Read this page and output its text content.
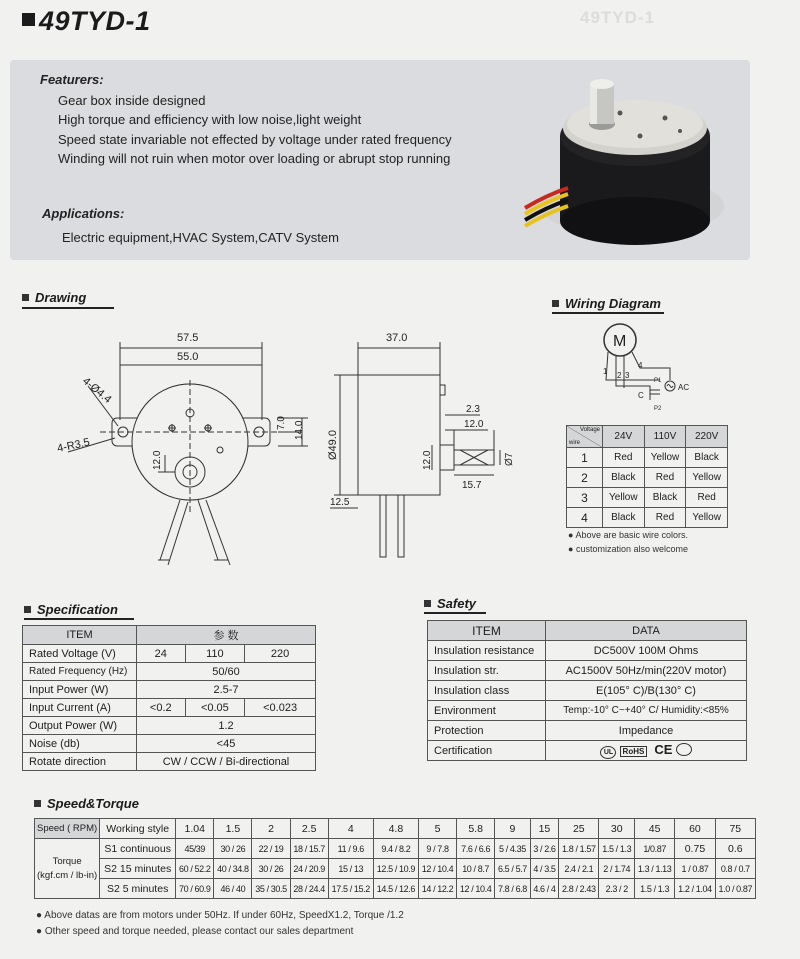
49TYD-1	49TYD-1
Featurers:
Gear box inside designed
High torque and efficiency with low noise,light weight
Speed state invariable not effected by voltage under rated frequency
Winding will not ruin when motor over loading or abrupt stop running
Applications:
Electric equipment,HVAC System,CATV System
Drawing
57.5
55.0
4-Ø4.4
4-R3.5
7.0 14.0
12.0
37.0
Ø49.0
2.3
12.0
12.0	Ø7
15.7
12.5
Wiring Diagram
M
1 2 3
4
AC
C
P1
P2
Voltage
wire	24V	110V	220V
1	Red	Yellow	Black
2	Black	Red	Yellow
3	Yellow	Black	Red
4	Black	Red	Yellow
● Above are basic wire colors.
● customization also welcome
Specification
ITEM	参 数		
Rated Voltage (V)	24	110	220
Rated Frequency (Hz)	50/60		
Input Power (W)	2.5-7		
Input Current (A)	<0.2	<0.05	<0.023
Output Power (W)	1.2		
Noise (db)	<45		
Rotate direction	CW / CCW / Bi-directional		
Safety
ITEM	DATA
Insulation resistance	DC500V 100M Ohms
Insulation str.	AC1500V 50Hz/min(220V motor)
Insulation class	E(105° C)/B(130° C)
Environment	Temp:-10° C~+40° C/ Humidity:<85%
Protection	Impedance
Certification	UL RoHS CE
Speed&Torque
Speed ( RPM)	Working style	1.04	1.5	2	2.5	4	4.8	5	5.8	9	15	25	30	45	60	75
Torque
(kgf.cm / lb-in)	S1 continuous	45/39	30 / 26	22 / 19	18 / 15.7	11 / 9.6	9.4 / 8.2	9 / 7.8	7.6 / 6.6	5 / 4.35	3 / 2.6	1.8 / 1.57	1.5 / 1.3	1/0.87	0.75	0.6
	S2 15 minutes	60 / 52.2	40 / 34.8	30 / 26	24 / 20.9	15 / 13	12.5 / 10.9	12 / 10.4	10 / 8.7	6.5 / 5.7	4 / 3.5	2.4 / 2.1	2 / 1.74	1.3 / 1.13	1 / 0.87	0.8 / 0.7
	S2 5 minutes	70 / 60.9	46 / 40	35 / 30.5	28 / 24.4	17.5 / 15.2	14.5 / 12.6	14 / 12.2	12 / 10.4	7.8 / 6.8	4.6 / 4	2.8 / 2.43	2.3 / 2	1.5 / 1.3	1.2 / 1.04	1.0 / 0.87
● Above datas are from motors under 50Hz. If under 60Hz, SpeedX1.2, Torque /1.2
● Other speed and torque needed, please contact our sales department
